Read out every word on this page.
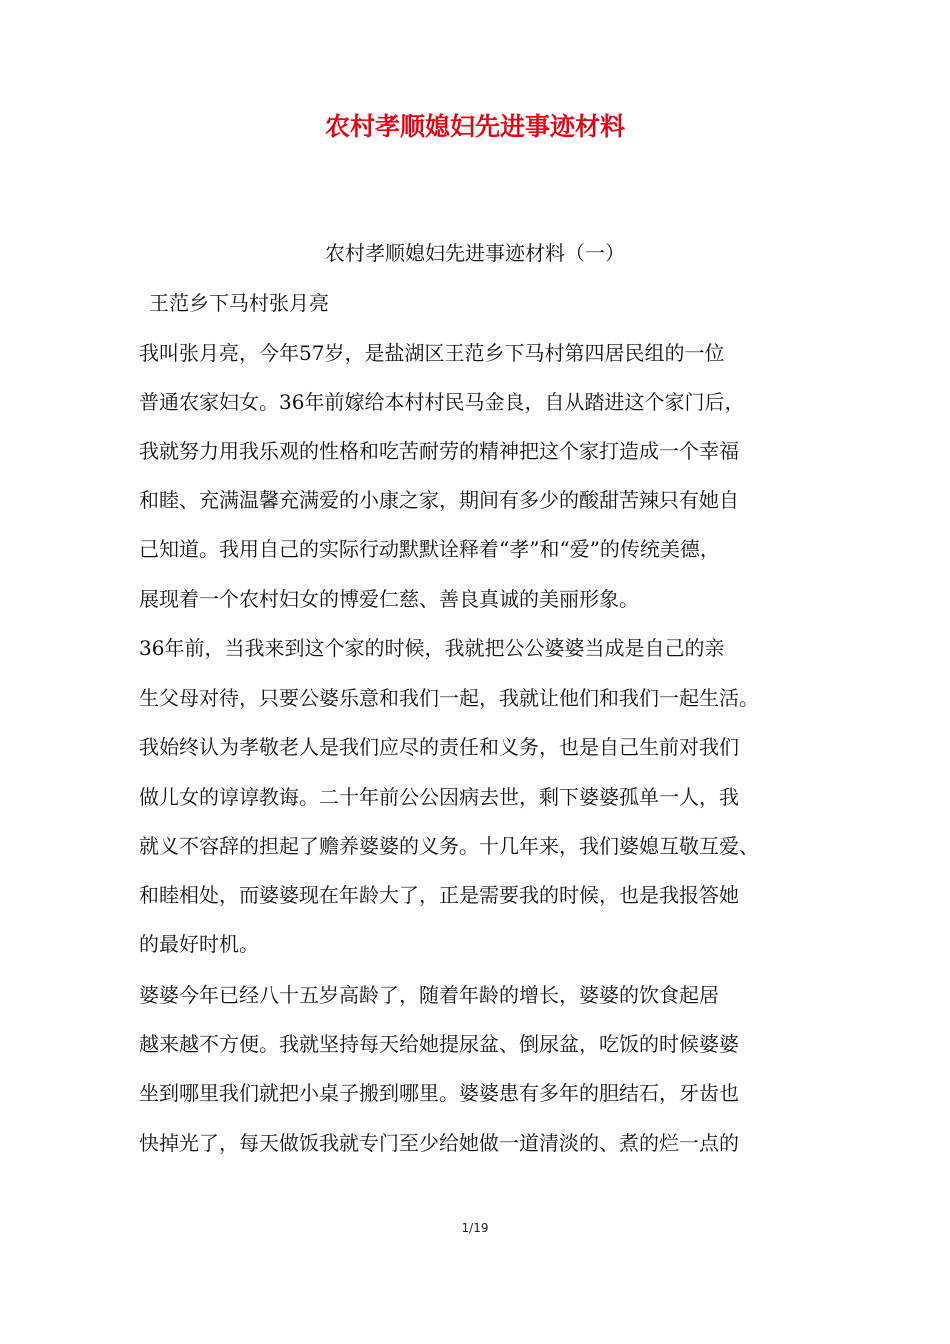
农村孝顺媳妇先进事迹材料
农村孝顺媳妇先进事迹材料（一）

王范乡下马村张月亮

我叫张月亮，今年57岁，是盐湖区王范乡下马村第四居民组的一位

普通农家妇女。36年前嫁给本村村民马金良，自从踏进这个家门后，

我就努力用我乐观的性格和吃苦耐劳的精神把这个家打造成一个幸福

和睦、充满温馨充满爱的小康之家，期间有多少的酸甜苦辣只有她自

己知道。我用自己的实际行动默默诠释着“孝”和“爱”的传统美德，

展现着一个农村妇女的博爱仁慈、善良真诚的美丽形象。

36年前，当我来到这个家的时候，我就把公公婆婆当成是自己的亲

生父母对待，只要公婆乐意和我们一起，我就让他们和我们一起生活。

我始终认为孝敬老人是我们应尽的责任和义务，也是自己生前对我们

做儿女的谆谆教诲。二十年前公公因病去世，剩下婆婆孤单一人，我

就义不容辞的担起了赡养婆婆的义务。十几年来，我们婆媳互敬互爱、

和睦相处，而婆婆现在年龄大了，正是需要我的时候，也是我报答她

的最好时机。

婆婆今年已经八十五岁高龄了，随着年龄的增长，婆婆的饮食起居

越来越不方便。我就坚持每天给她提尿盆、倒尿盆，吃饭的时候婆婆

坐到哪里我们就把小桌子搬到哪里。婆婆患有多年的胆结石，牙齿也

快掉光了，每天做饭我就专门至少给她做一道清淡的、煮的烂一点的

1/19
